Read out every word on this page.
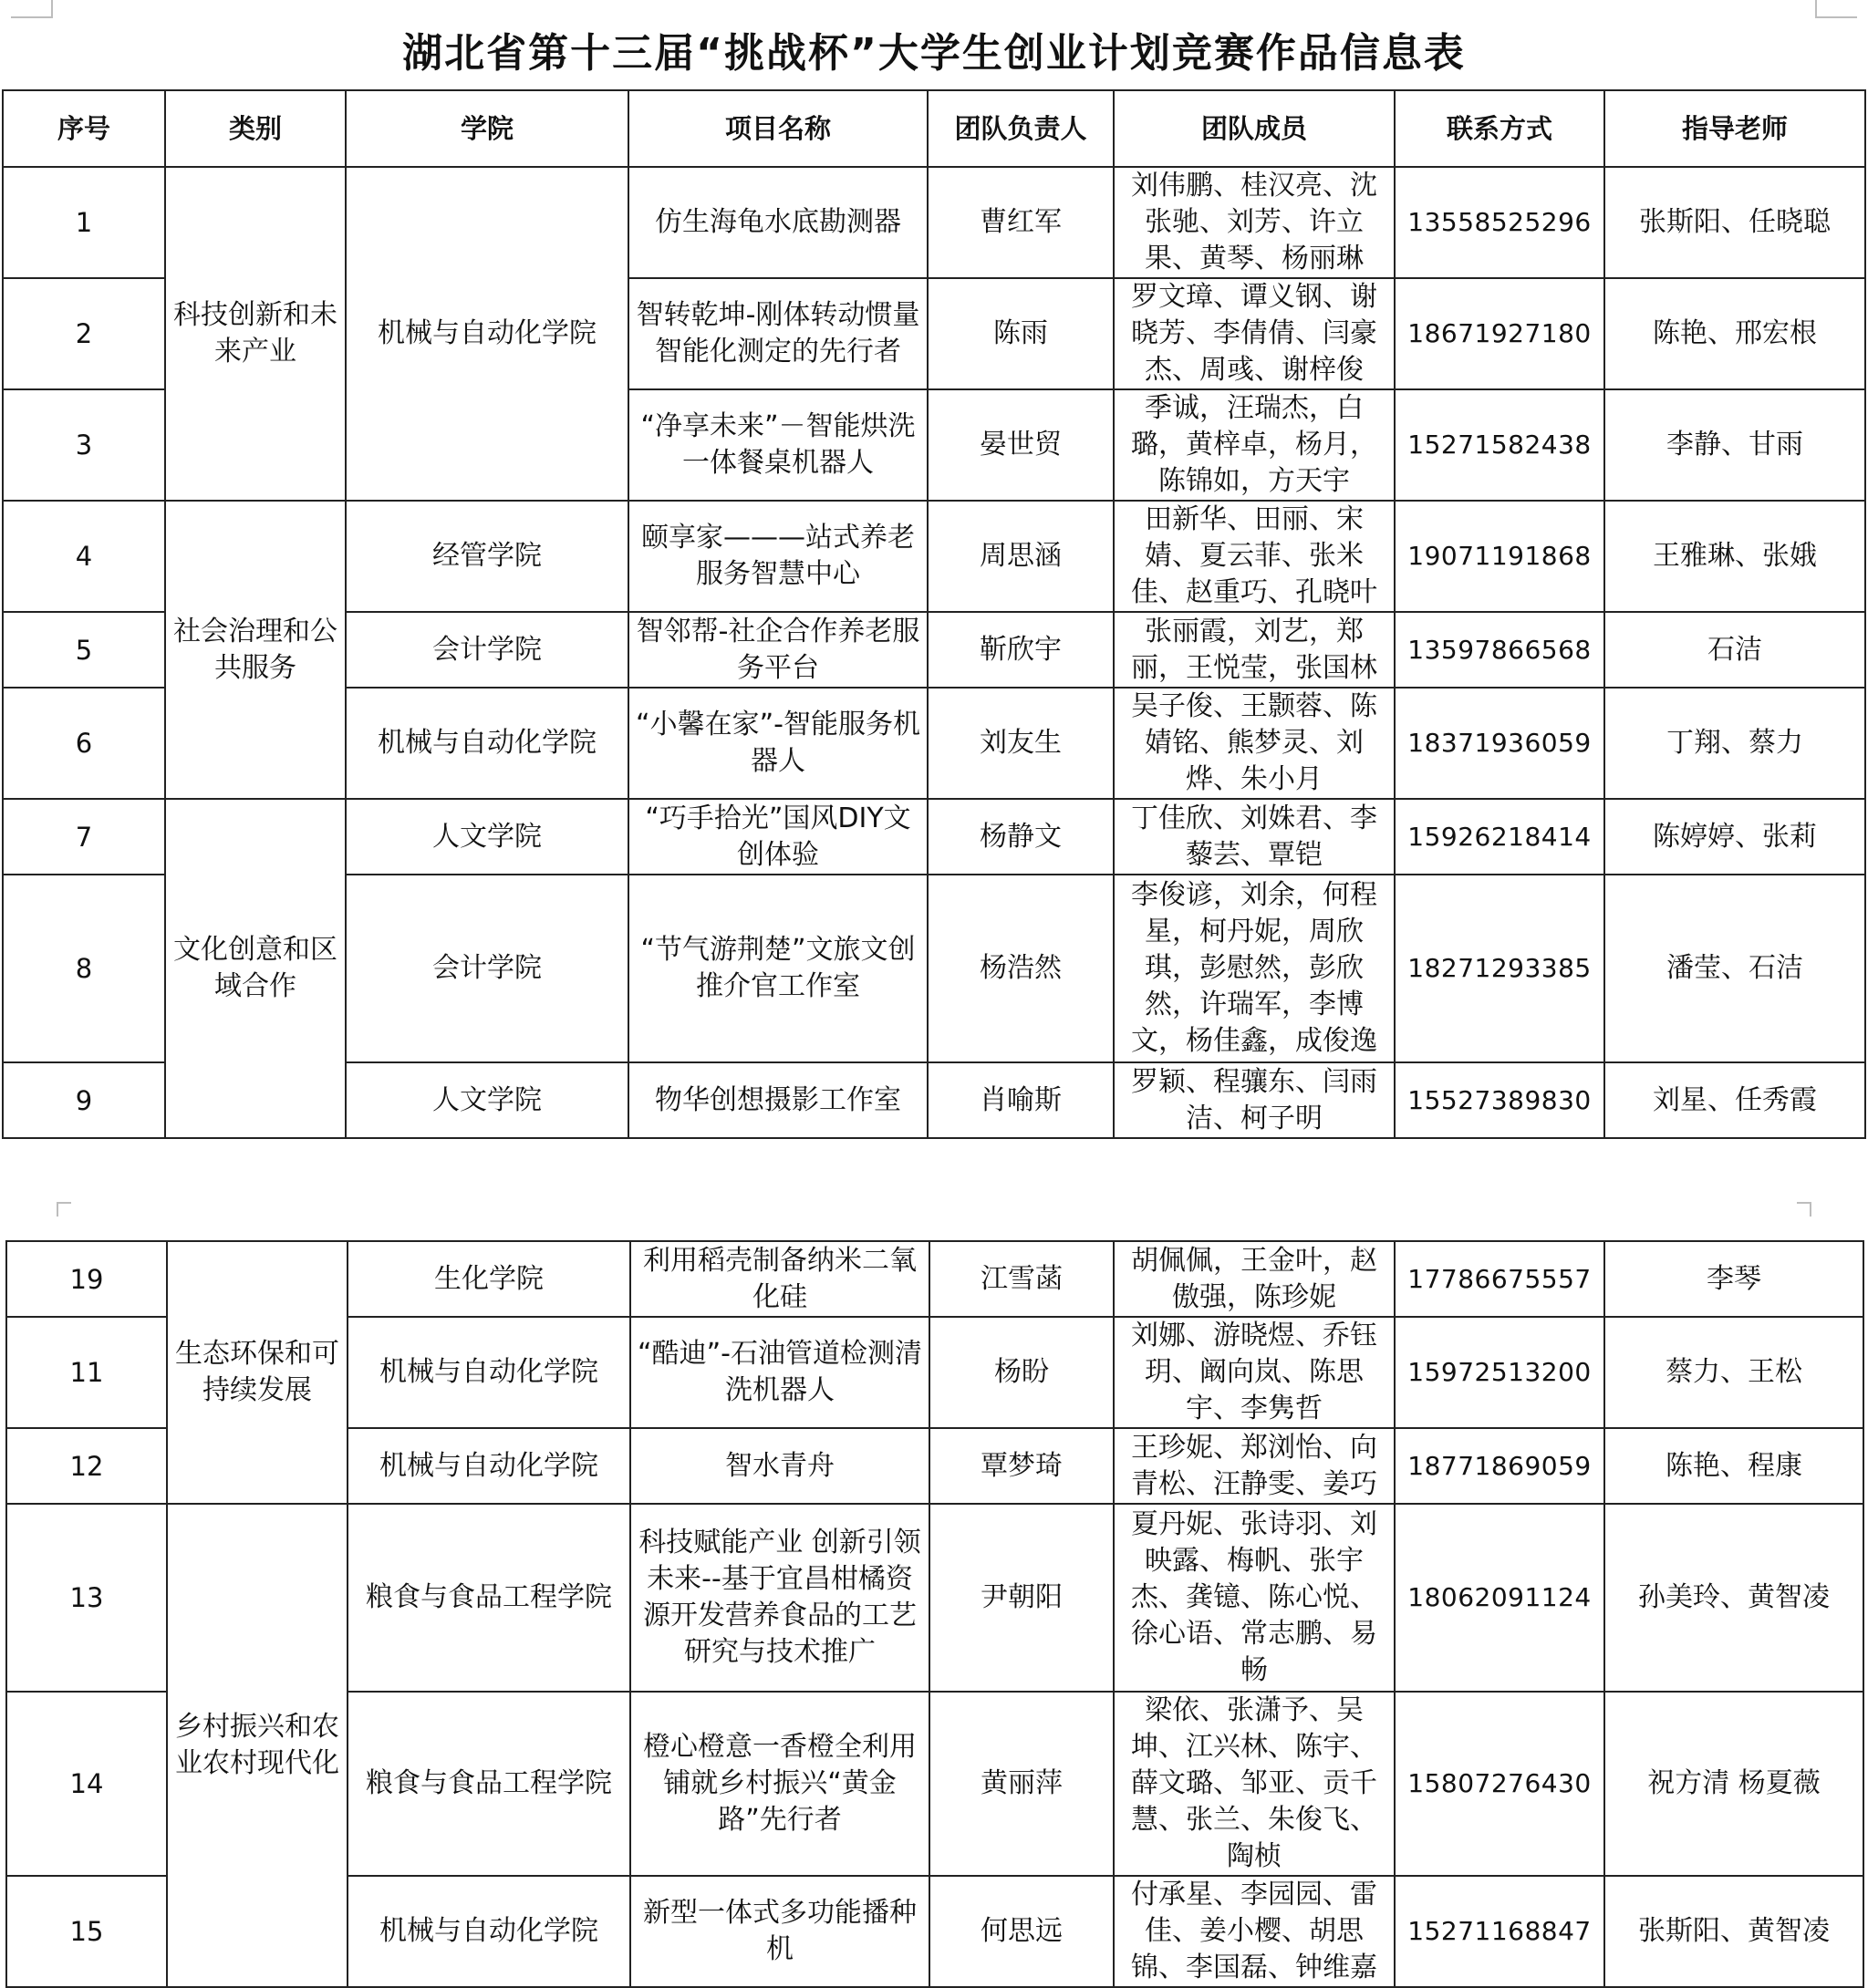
湖北省第十三届“挑战杯”大学生创业计划竞赛作品信息表
序号	类别	学院	项目名称	团队负责人	团队成员	联系方式	指导老师
1	科技创新和未来产业	机械与自动化学院	仿生海龟水底勘测器	曹红军	刘伟鹏、桂汉亮、沈张驰、刘芳、许立果、黄琴、杨丽琳	13558525296	张斯阳、任晓聪
2			智转乾坤-刚体转动惯量智能化测定的先行者	陈雨	罗文璋、谭义钢、谢晓芳、李倩倩、闫豪杰、周彧、谢梓俊	18671927180	陈艳、邢宏根
3			“净享未来”－智能烘洗一体餐桌机器人	晏世贸	季诚，汪瑞杰，白璐，黄梓卓，杨月，陈锦如，方天宇	15271582438	李静、甘雨
4	社会治理和公共服务	经管学院	颐享家———站式养老服务智慧中心	周思涵	田新华、田丽、宋婧、夏云菲、张米佳、赵重巧、孔晓叶	19071191868	王雅琳、张娥
5		会计学院	智邻帮-社企合作养老服务平台	靳欣宇	张丽霞，刘艺，郑丽，王悦莹，张国林	13597866568	石洁
6		机械与自动化学院	“小馨在家”-智能服务机器人	刘友生	吴子俊、王颢蓉、陈婧铭、熊梦灵、刘烨、朱小月	18371936059	丁翔、蔡力
7	文化创意和区域合作	人文学院	“巧手拾光”国风DIY文创体验	杨静文	丁佳欣、刘姝君、李藜芸、覃铠	15926218414	陈婷婷、张莉
8		会计学院	“节气游荆楚”文旅文创推介官工作室	杨浩然	李俊谚，刘余，何程星，柯丹妮，周欣琪，彭慰然，彭欣然，许瑞军，李博文，杨佳鑫，成俊逸	18271293385	潘莹、石洁
9		人文学院	物华创想摄影工作室	肖喻斯	罗颖、程骧东、闫雨洁、柯子明	15527389830	刘星、任秀霞
19	生态环保和可持续发展	生化学院	利用稻壳制备纳米二氧化硅	江雪菡	胡佩佩，王金叶，赵傲强，陈珍妮	17786675557	李琴
11		机械与自动化学院	“酷迪”-石油管道检测清洗机器人	杨盼	刘娜、游晓煜、乔钰玥、阚向岚、陈思宇、李隽哲	15972513200	蔡力、王松
12		机械与自动化学院	智水青舟	覃梦琦	王珍妮、郑浏怡、向青松、汪静雯、姜巧	18771869059	陈艳、程康
13	乡村振兴和农业农村现代化	粮食与食品工程学院	科技赋能产业 创新引领未来--基于宜昌柑橘资源开发营养食品的工艺研究与技术推广	尹朝阳	夏丹妮、张诗羽、刘映露、梅帆、张宇杰、龚镱、陈心悦、徐心语、常志鹏、易畅	18062091124	孙美玲、黄智凌
14		粮食与食品工程学院	橙心橙意一香橙全利用铺就乡村振兴“黄金路”先行者	黄丽萍	梁依、张潇予、吴坤、江兴林、陈宇、薛文璐、邹亚、贡千慧、张兰、朱俊飞、陶桢	15807276430	祝方清 杨夏薇
15		机械与自动化学院	新型一体式多功能播种机	何思远	付承星、李园园、雷佳、姜小樱、胡思锦、李国磊、钟维嘉	15271168847	张斯阳、黄智凌
